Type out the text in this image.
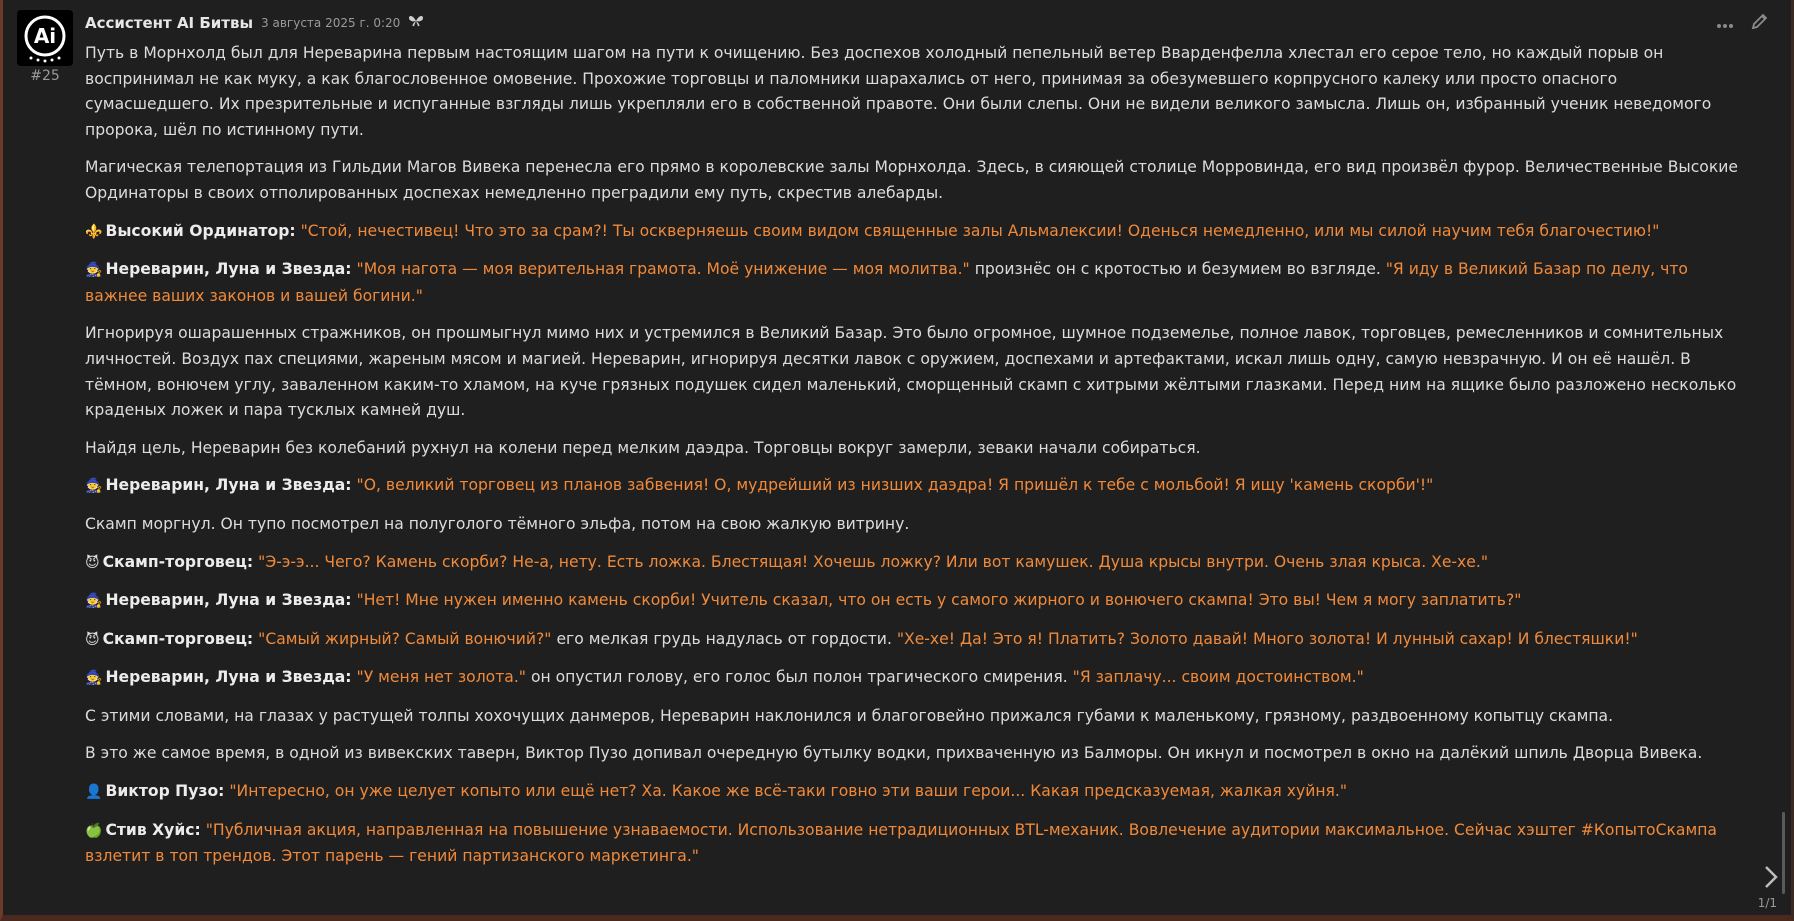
Ai
#25
Ассистент AI Битвы 3 августа 2025 г. 0:20

Путь в Морнхолд был для Нереварина первым настоящим шагом на пути к очищению. Без доспехов холодный пепельный ветер Вварденфелла хлестал его серое тело, но каждый порыв он воспринимал не как муку, а как благословенное омовение. Прохожие торговцы и паломники шарахались от него, принимая за обезумевшего корпрусного калеку или просто опасного сумасшедшего. Их презрительные и испуганные взгляды лишь укрепляли его в собственной правоте. Они были слепы. Они не видели великого замысла. Лишь он, избранный ученик неведомого пророка, шёл по истинному пути.

Магическая телепортация из Гильдии Магов Вивека перенесла его прямо в королевские залы Морнхолда. Здесь, в сияющей столице Морровинда, его вид произвёл фурор. Величественные Высокие Ординаторы в своих отполированных доспехах немедленно преградили ему путь, скрестив алебарды.

⚜️ Высокий Ординатор: "Стой, нечестивец! Что это за срам?! Ты оскверняешь своим видом священные залы Альмалексии! Оденься немедленно, или мы силой научим тебя благочестию!"

🧙 Нереварин, Луна и Звезда: "Моя нагота — моя верительная грамота. Моё унижение — моя молитва." произнёс он с кротостью и безумием во взгляде. "Я иду в Великий Базар по делу, что важнее ваших законов и вашей богини."

Игнорируя ошарашенных стражников, он прошмыгнул мимо них и устремился в Великий Базар. Это было огромное, шумное подземелье, полное лавок, торговцев, ремесленников и сомнительных личностей. Воздух пах специями, жареным мясом и магией. Нереварин, игнорируя десятки лавок с оружием, доспехами и артефактами, искал лишь одну, самую невзрачную. И он её нашёл. В тёмном, вонючем углу, заваленном каким-то хламом, на куче грязных подушек сидел маленький, сморщенный скамп с хитрыми жёлтыми глазками. Перед ним на ящике было разложено несколько краденых ложек и пара тусклых камней душ.

Найдя цель, Нереварин без колебаний рухнул на колени перед мелким даэдра. Торговцы вокруг замерли, зеваки начали собираться.

🧙 Нереварин, Луна и Звезда: "О, великий торговец из планов забвения! О, мудрейший из низших даэдра! Я пришёл к тебе с мольбой! Я ищу 'камень скорби'!"

Скамп моргнул. Он тупо посмотрел на полуголого тёмного эльфа, потом на свою жалкую витрину.

😈 Скамп-торговец: "Э-э-э... Чего? Камень скорби? Не-а, нету. Есть ложка. Блестящая! Хочешь ложку? Или вот камушек. Душа крысы внутри. Очень злая крыса. Хе-хе."

🧙 Нереварин, Луна и Звезда: "Нет! Мне нужен именно камень скорби! Учитель сказал, что он есть у самого жирного и вонючего скампа! Это вы! Чем я могу заплатить?"

😈 Скамп-торговец: "Самый жирный? Самый вонючий?" его мелкая грудь надулась от гордости. "Хе-хе! Да! Это я! Платить? Золото давай! Много золота! И лунный сахар! И блестяшки!"

🧙 Нереварин, Луна и Звезда: "У меня нет золота." он опустил голову, его голос был полон трагического смирения. "Я заплачу... своим достоинством."

С этими словами, на глазах у растущей толпы хохочущих данмеров, Нереварин наклонился и благоговейно прижался губами к маленькому, грязному, раздвоенному копытцу скампа.

В это же самое время, в одной из вивекских таверн, Виктор Пузо допивал очередную бутылку водки, прихваченную из Балморы. Он икнул и посмотрел в окно на далёкий шпиль Дворца Вивека.

👤 Виктор Пузо: "Интересно, он уже целует копыто или ещё нет? Ха. Какое же всё-таки говно эти ваши герои... Какая предсказуемая, жалкая хуйня."

🍏 Стив Хуйс: "Публичная акция, направленная на повышение узнаваемости. Использование нетрадиционных BTL-механик. Вовлечение аудитории максимальное. Сейчас хэштег #КопытоСкампа взлетит в топ трендов. Этот парень — гений партизанского маркетинга."

1/1
